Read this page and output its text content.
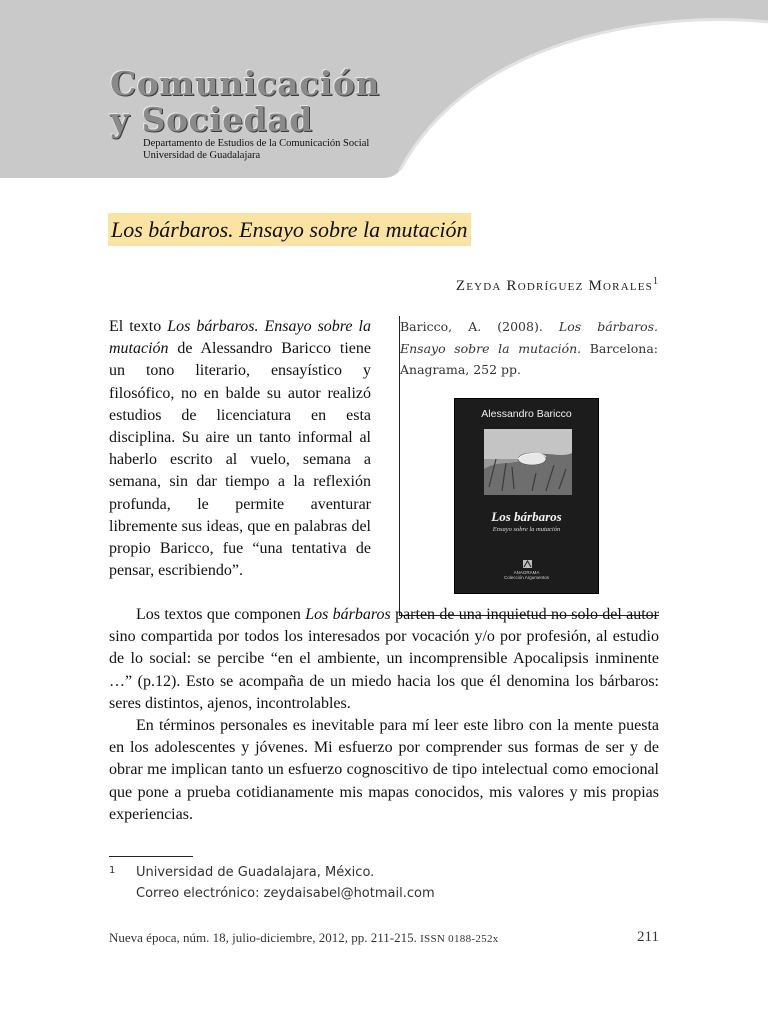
Comunicación
y Sociedad
Departamento de Estudios de la Comunicación Social
Universidad de Guadalajara
Los bárbaros. Ensayo sobre la mutación
Zeyda Rodríguez Morales$^1$
El texto Los bárbaros. Ensayo sobre la mutación de Alessandro Baricco tiene un tono literario, ensayístico y filosófico, no en balde su autor realizó estudios de licenciatura en esta disciplina. Su aire un tanto informal al haberlo escrito al vuelo, semana a semana, sin dar tiempo a la reflexión profunda, le permite aventurar libremente sus ideas, que en palabras del propio Baricco, fue “una tentativa de pensar, escribiendo”.
Baricco, A. (2008). Los bárbaros. Ensayo sobre la mutación. Barcelona: Anagrama, 252 pp.
Alessandro Baricco
Los bárbaros
Ensayo sobre la mutación
ANAGRAMA
Colección Argumentos

Los textos que componen Los bárbaros parten de una inquietud no solo del autor sino compartida por todos los interesados por vocación y/o por profesión, al estudio de lo social: se percibe “en el ambiente, un incomprensible Apocalipsis inminente …” (p.12). Esto se acompaña de un miedo hacia los que él denomina los bárbaros: seres distintos, ajenos, incontrolables.

En términos personales es inevitable para mí leer este libro con la mente puesta en los adolescentes y jóvenes. Mi esfuerzo por comprender sus formas de ser y de obrar me implican tanto un esfuerzo cognoscitivo de tipo intelectual como emocional que pone a prueba cotidianamente mis mapas conocidos, mis valores y mis propias experiencias.

1	Universidad de Guadalajara, México.
Correo electrónico: zeydaisabel@hotmail.com
Nueva época, núm. 18, julio-diciembre, 2012, pp. 211-215. ISSN 0188-252x	211
